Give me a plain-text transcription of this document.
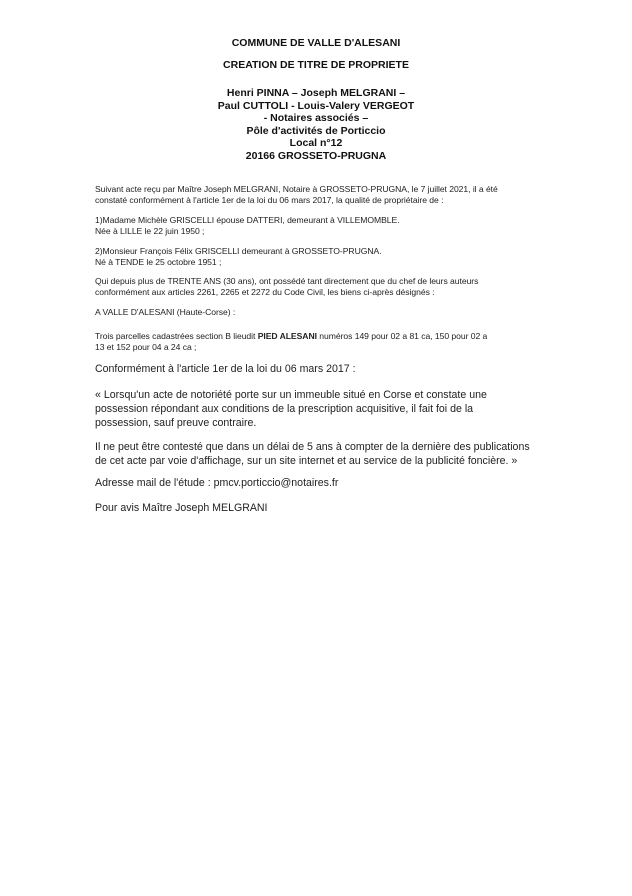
COMMUNE DE VALLE D'ALESANI
CREATION DE TITRE DE PROPRIETE
Henri PINNA – Joseph MELGRANI –
Paul CUTTOLI - Louis-Valery VERGEOT
- Notaires associés –
Pôle d'activités de Porticcio
Local n°12
20166 GROSSETO-PRUGNA
Suivant acte reçu par Maître Joseph MELGRANI, Notaire à GROSSETO-PRUGNA, le 7 juillet 2021, il a été
constaté conformément à l'article 1er de la loi du 06 mars 2017, la qualité de propriétaire de :
1)Madame Michèle GRISCELLI épouse DATTERI, demeurant à VILLEMOMBLE.
Née à LILLE le 22 juin 1950 ;
2)Monsieur François Félix GRISCELLI demeurant à GROSSETO-PRUGNA.
Né à TENDE le 25 octobre 1951 ;
Qui depuis plus de TRENTE ANS (30 ans), ont possédé tant directement que du chef de leurs auteurs
conformément aux articles 2261, 2265 et 2272 du Code Civil, les biens ci-après désignés :
A VALLE D'ALESANI (Haute-Corse) :
Trois parcelles cadastrées section B lieudit PIED ALESANI numéros 149 pour 02 a 81 ca, 150 pour 02 a
13 et 152 pour 04 a 24 ca ;
Conformément à l'article 1er de la loi du 06 mars 2017 :
« Lorsqu'un acte de notoriété porte sur un immeuble situé en Corse et constate une
possession répondant aux conditions de la prescription acquisitive, il fait foi de la
possession, sauf preuve contraire.
Il ne peut être contesté que dans un délai de 5 ans à compter de la dernière des publications
de cet acte par voie d'affichage, sur un site internet et au service de la publicité foncière. »
Adresse mail de l'étude : pmcv.porticcio@notaires.fr
Pour avis Maître Joseph MELGRANI
